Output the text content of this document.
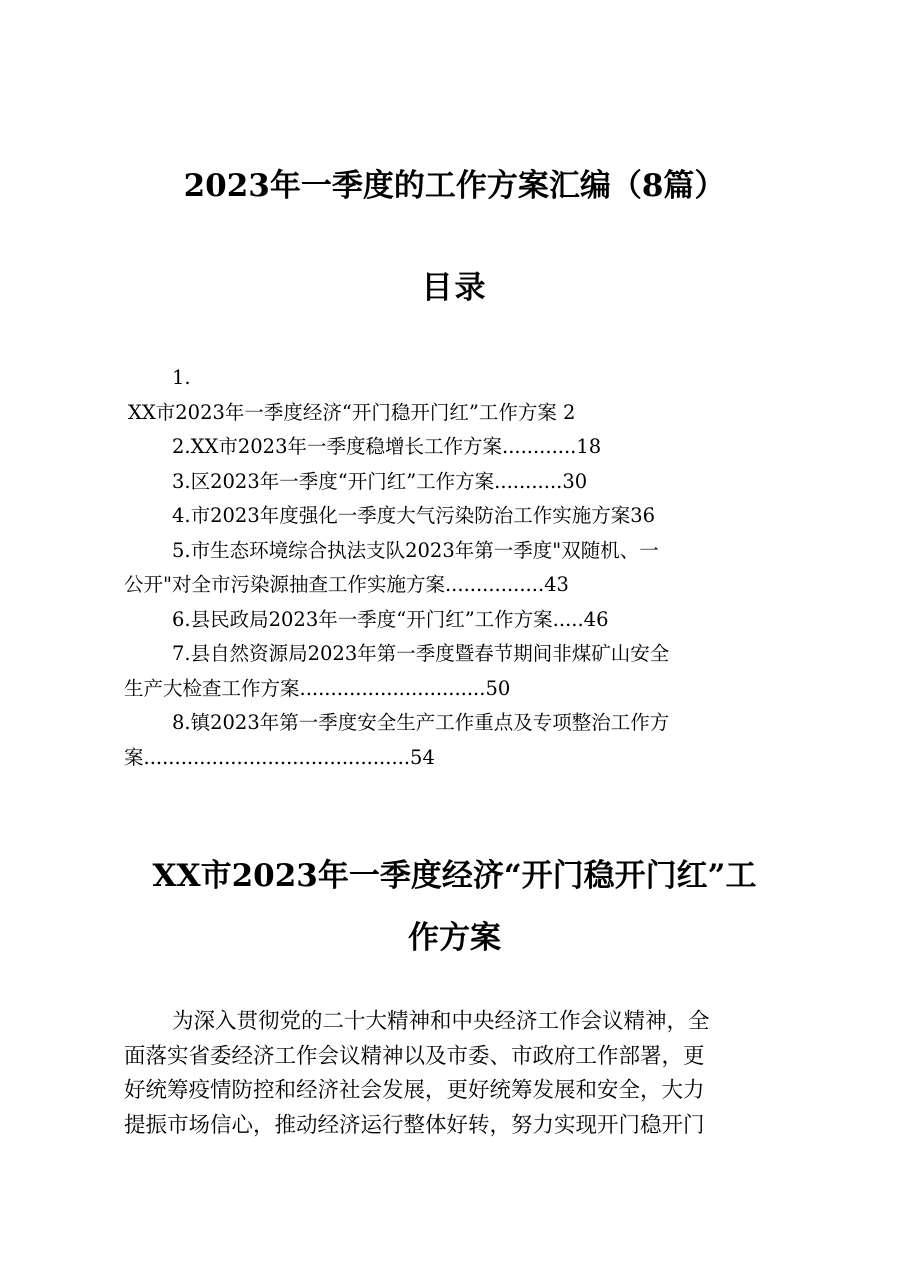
2023年一季度的工作方案汇编（8篇）
目录
1.
XX市2023年一季度经济“开门稳开门红”工作方案 2
2.XX市2023年一季度稳增长工作方案............18
3.区2023年一季度“开门红”工作方案...........30
4.市2023年度强化一季度大气污染防治工作实施方案36
5.市生态环境综合执法支队2023年第一季度"双随机、一
公开"对全市污染源抽查工作实施方案................43
6.县民政局2023年一季度“开门红”工作方案.....46
7.县自然资源局2023年第一季度暨春节期间非煤矿山安全
生产大检查工作方案..............................50
8.镇2023年第一季度安全生产工作重点及专项整治工作方
案...........................................54
XX市2023年一季度经济“开门稳开门红”工
作方案
为深入贯彻党的二十大精神和中央经济工作会议精神，全
面落实省委经济工作会议精神以及市委、市政府工作部署，更
好统筹疫情防控和经济社会发展，更好统筹发展和安全，大力
提振市场信心，推动经济运行整体好转，努力实现开门稳开门
